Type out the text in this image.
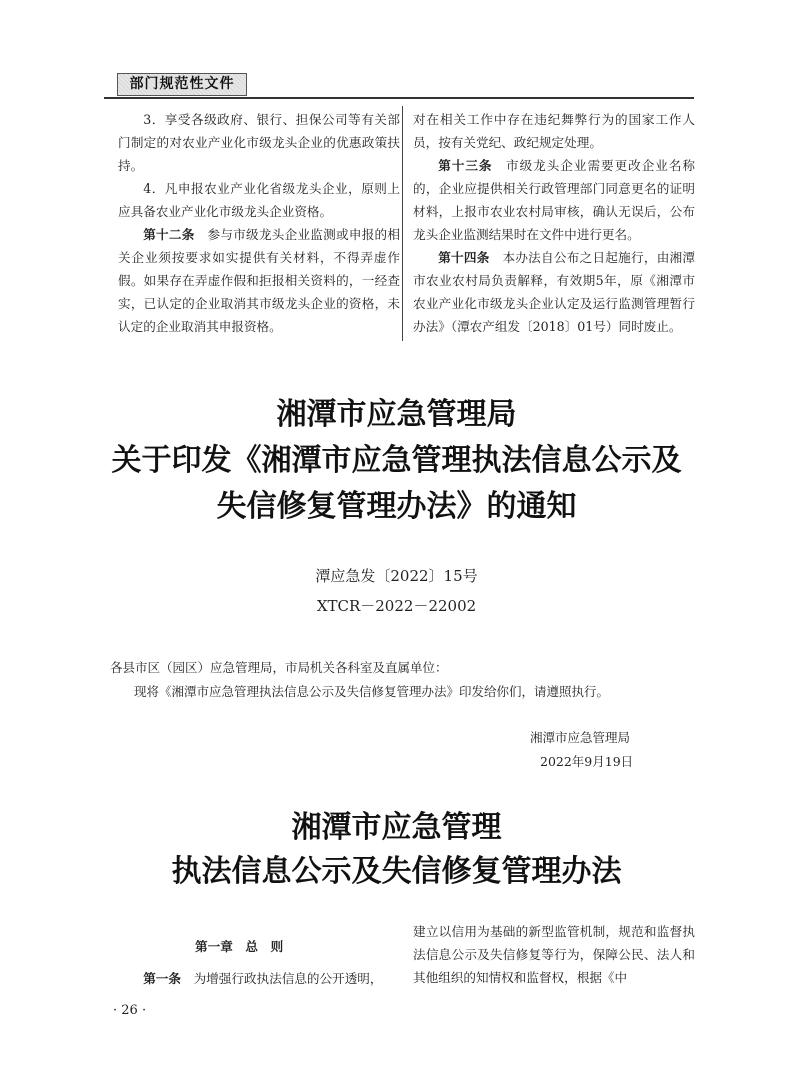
部门规范性文件

3．享受各级政府、银行、担保公司等有关部门制定的对农业产业化市级龙头企业的优惠政策扶持。

4．凡申报农业产业化省级龙头企业，原则上应具备农业产业化市级龙头企业资格。

第十二条　参与市级龙头企业监测或申报的相关企业须按要求如实提供有关材料，不得弄虚作假。如果存在弄虚作假和拒报相关资料的，一经查实，已认定的企业取消其市级龙头企业的资格，未认定的企业取消其申报资格。

对在相关工作中存在违纪舞弊行为的国家工作人员，按有关党纪、政纪规定处理。

第十三条　市级龙头企业需要更改企业名称的，企业应提供相关行政管理部门同意更名的证明材料，上报市农业农村局审核，确认无误后，公布龙头企业监测结果时在文件中进行更名。

第十四条　本办法自公布之日起施行，由湘潭市农业农村局负责解释，有效期5年，原《湘潭市农业产业化市级龙头企业认定及运行监测管理暂行办法》（潭农产组发〔2018〕01号）同时废止。

湘潭市应急管理局
关于印发《湘潭市应急管理执法信息公示及
失信修复管理办法》的通知
潭应急发〔2022〕15号
XTCR－2022－22002
各县市区（园区）应急管理局，市局机关各科室及直属单位：
现将《湘潭市应急管理执法信息公示及失信修复管理办法》印发给你们，请遵照执行。
湘潭市应急管理局
2022年9月19日
湘潭市应急管理
执法信息公示及失信修复管理办法
第一章　总　则

第一条　为增强行政执法信息的公开透明，

建立以信用为基础的新型监管机制，规范和监督执法信息公示及失信修复等行为，保障公民、法人和其他组织的知情权和监督权，根据《中

· 26 ·
